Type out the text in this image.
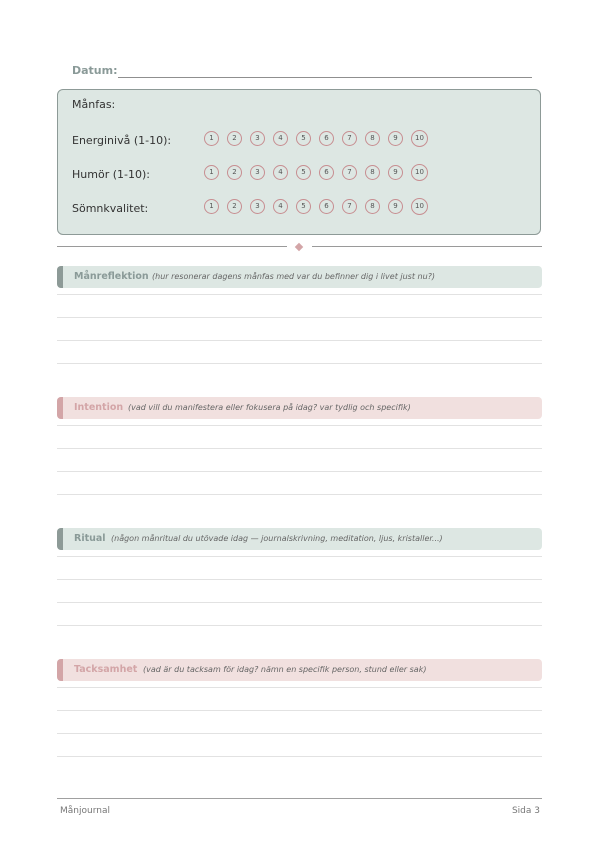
Datum:
Månfas:
Energinivå (1-10):	1	2	3	4	5	6	7	8	9	10
Humör (1-10):	1	2	3	4	5	6	7	8	9	10
Sömnkvalitet:	1	2	3	4	5	6	7	8	9	10
Månreflektion (hur resonerar dagens månfas med var du befinner dig i livet just nu?)
Intention (vad vill du manifestera eller fokusera på idag? var tydlig och specifik)
Ritual (någon månritual du utövade idag — journalskrivning, meditation, ljus, kristaller...)
Tacksamhet (vad är du tacksam för idag? nämn en specifik person, stund eller sak)
Månjournal	Sida 3
